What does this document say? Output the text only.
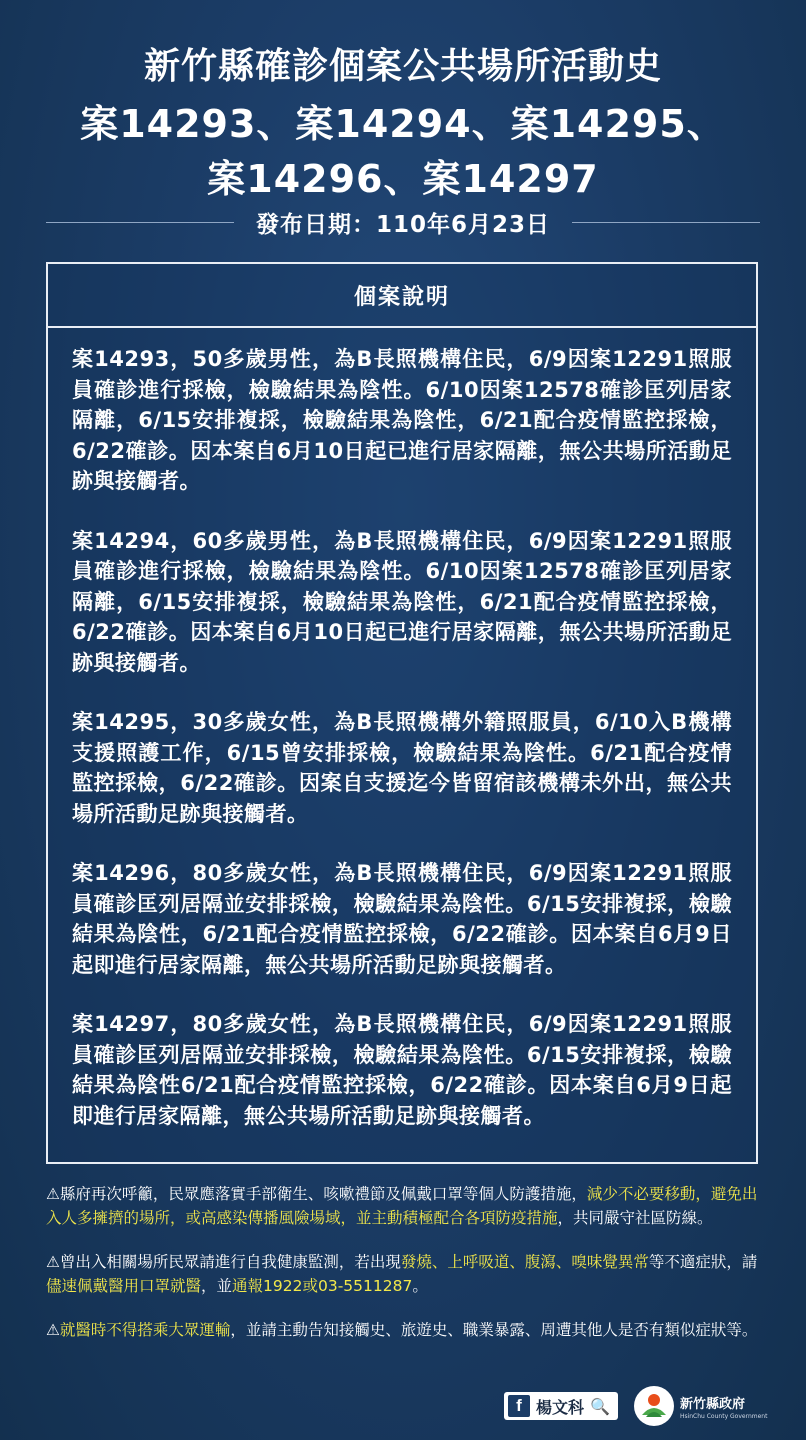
新竹縣確診個案公共場所活動史
案14293、案14294、案14295、
案14296、案14297
發布日期：110年6月23日
個案說明
案14293，50多歲男性，為B長照機構住民，6/9因案12291照服員確診進行採檢，檢驗結果為陰性。6/10因案12578確診匡列居家隔離，6/15安排複採，檢驗結果為陰性，6/21配合疫情監控採檢，6/22確診。因本案自6月10日起已進行居家隔離，無公共場所活動足跡與接觸者。
案14294，60多歲男性，為B長照機構住民，6/9因案12291照服員確診進行採檢，檢驗結果為陰性。6/10因案12578確診匡列居家隔離，6/15安排複採，檢驗結果為陰性，6/21配合疫情監控採檢，6/22確診。因本案自6月10日起已進行居家隔離，無公共場所活動足跡與接觸者。
案14295，30多歲女性，為B長照機構外籍照服員，6/10入B機構支援照護工作，6/15曾安排採檢，檢驗結果為陰性。6/21配合疫情監控採檢，6/22確診。因案自支援迄今皆留宿該機構未外出，無公共場所活動足跡與接觸者。
案14296，80多歲女性，為B長照機構住民，6/9因案12291照服員確診匡列居隔並安排採檢，檢驗結果為陰性。6/15安排複採，檢驗結果為陰性，6/21配合疫情監控採檢，6/22確診。因本案自6月9日起即進行居家隔離，無公共場所活動足跡與接觸者。
案14297，80多歲女性，為B長照機構住民，6/9因案12291照服員確診匡列居隔並安排採檢，檢驗結果為陰性。6/15安排複採，檢驗結果為陰性6/21配合疫情監控採檢，6/22確診。因本案自6月9日起即進行居家隔離，無公共場所活動足跡與接觸者。
⚠縣府再次呼籲，民眾應落實手部衛生、咳嗽禮節及佩戴口罩等個人防護措施，減少不必要移動，避免出入人多擁擠的場所，或高感染傳播風險場域，並主動積極配合各項防疫措施，共同嚴守社區防線。
⚠曾出入相關場所民眾請進行自我健康監測，若出現發燒、上呼吸道、腹瀉、嗅味覺異常等不適症狀，請儘速佩戴醫用口罩就醫，並通報1922或03-5511287。
⚠就醫時不得搭乘大眾運輸，並請主動告知接觸史、旅遊史、職業暴露、周遭其他人是否有類似症狀等。
f 楊文科 🔍	新竹縣政府
HsinChu County Government
